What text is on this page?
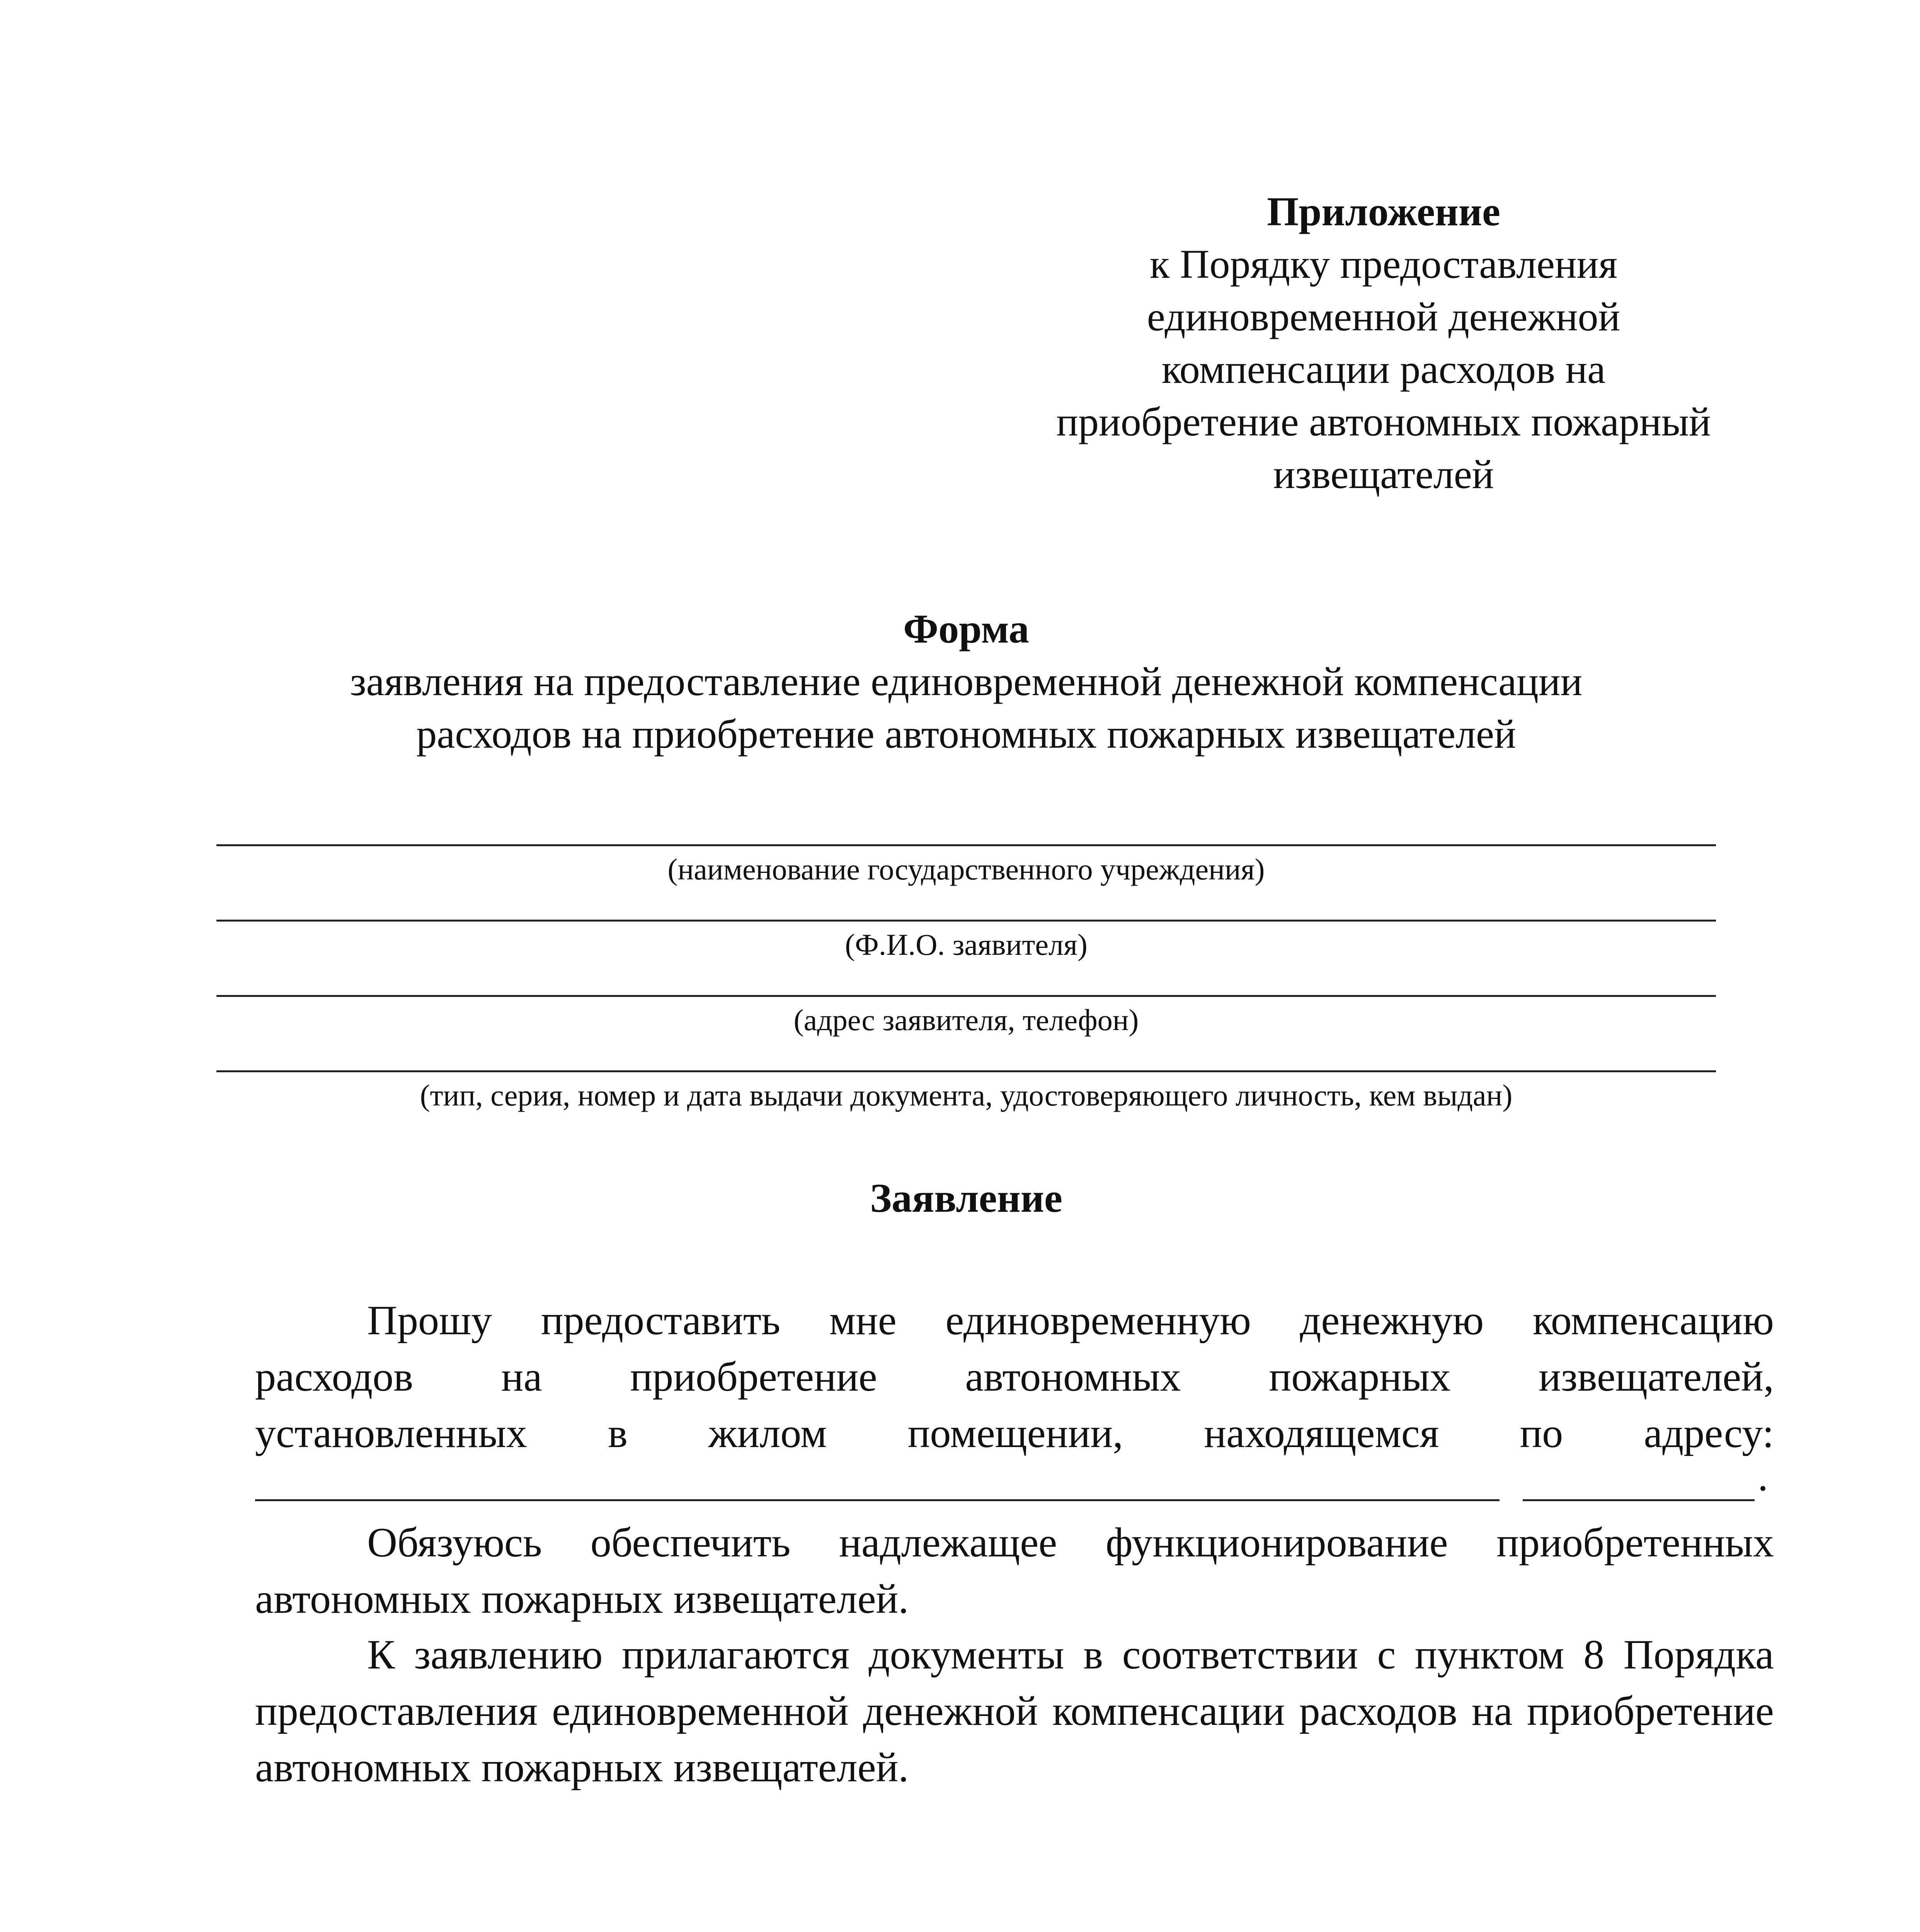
Приложение
к Порядку предоставления
единовременной денежной
компенсации расходов на
приобретение автономных пожарный
извещателей
Форма
заявления на предоставление единовременной денежной компенсации
расходов на приобретение автономных пожарных извещателей
(наименование государственного учреждения)
(Ф.И.О. заявителя)
(адрес заявителя, телефон)
(тип, серия, номер и дата выдачи документа, удостоверяющего личность, кем выдан)
Заявление
Прошу предоставить мне единовременную денежную компенсацию
расходов на приобретение автономных пожарных извещателей,
установленных в жилом помещении, находящемся по адресу:
.
Обязуюсь обеспечить надлежащее функционирование приобретенных автономных пожарных извещателей.
К заявлению прилагаются документы в соответствии с пунктом 8 Порядка предоставления единовременной денежной компенсации расходов на приобретение автономных пожарных извещателей.
